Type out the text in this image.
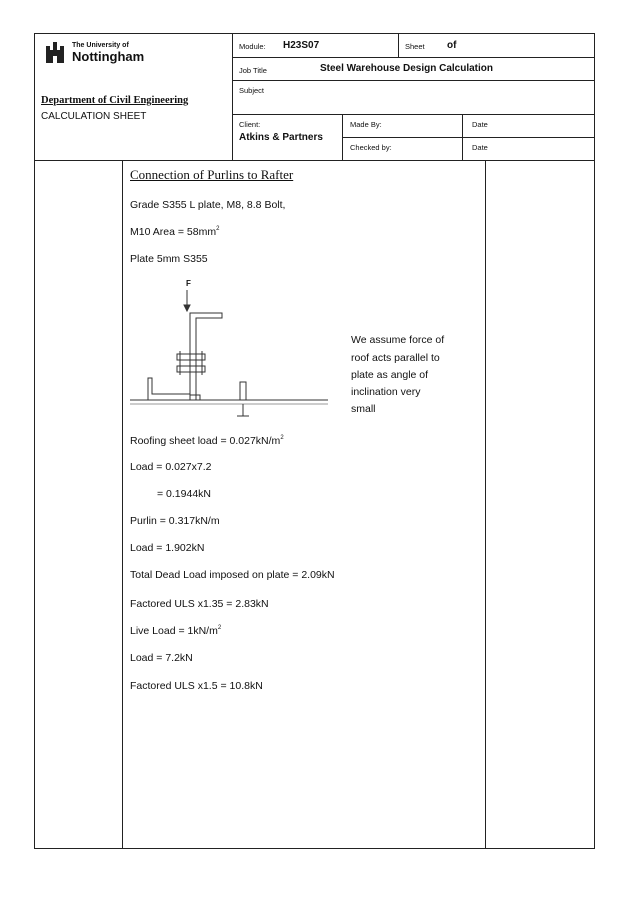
The University of
Nottingham
Department of Civil Engineering
CALCULATION SHEET
Module: H23S07	Sheet of
Job Title	Steel Warehouse Design Calculation
Subject
Client:
Atkins & Partners
Made By:
Checked by:
Date
Date
Connection of Purlins to Rafter
Grade S355 L plate, M8, 8.8 Bolt,
M10 Area = $58mm^2$
Plate 5mm S355
F
We assume force of
roof acts parallel to
plate as angle of
inclination very
small
Roofing sheet load = $0.027kN/m^2$
Load = 0.027x7.2
= 0.1944kN
Purlin = 0.317kN/m
Load = 1.902kN
Total Dead Load imposed on plate = 2.09kN
Factored ULS x1.35 = 2.83kN
Live Load = $1kN/m^2$
Load = 7.2kN
Factored ULS x1.5 = 10.8kN
